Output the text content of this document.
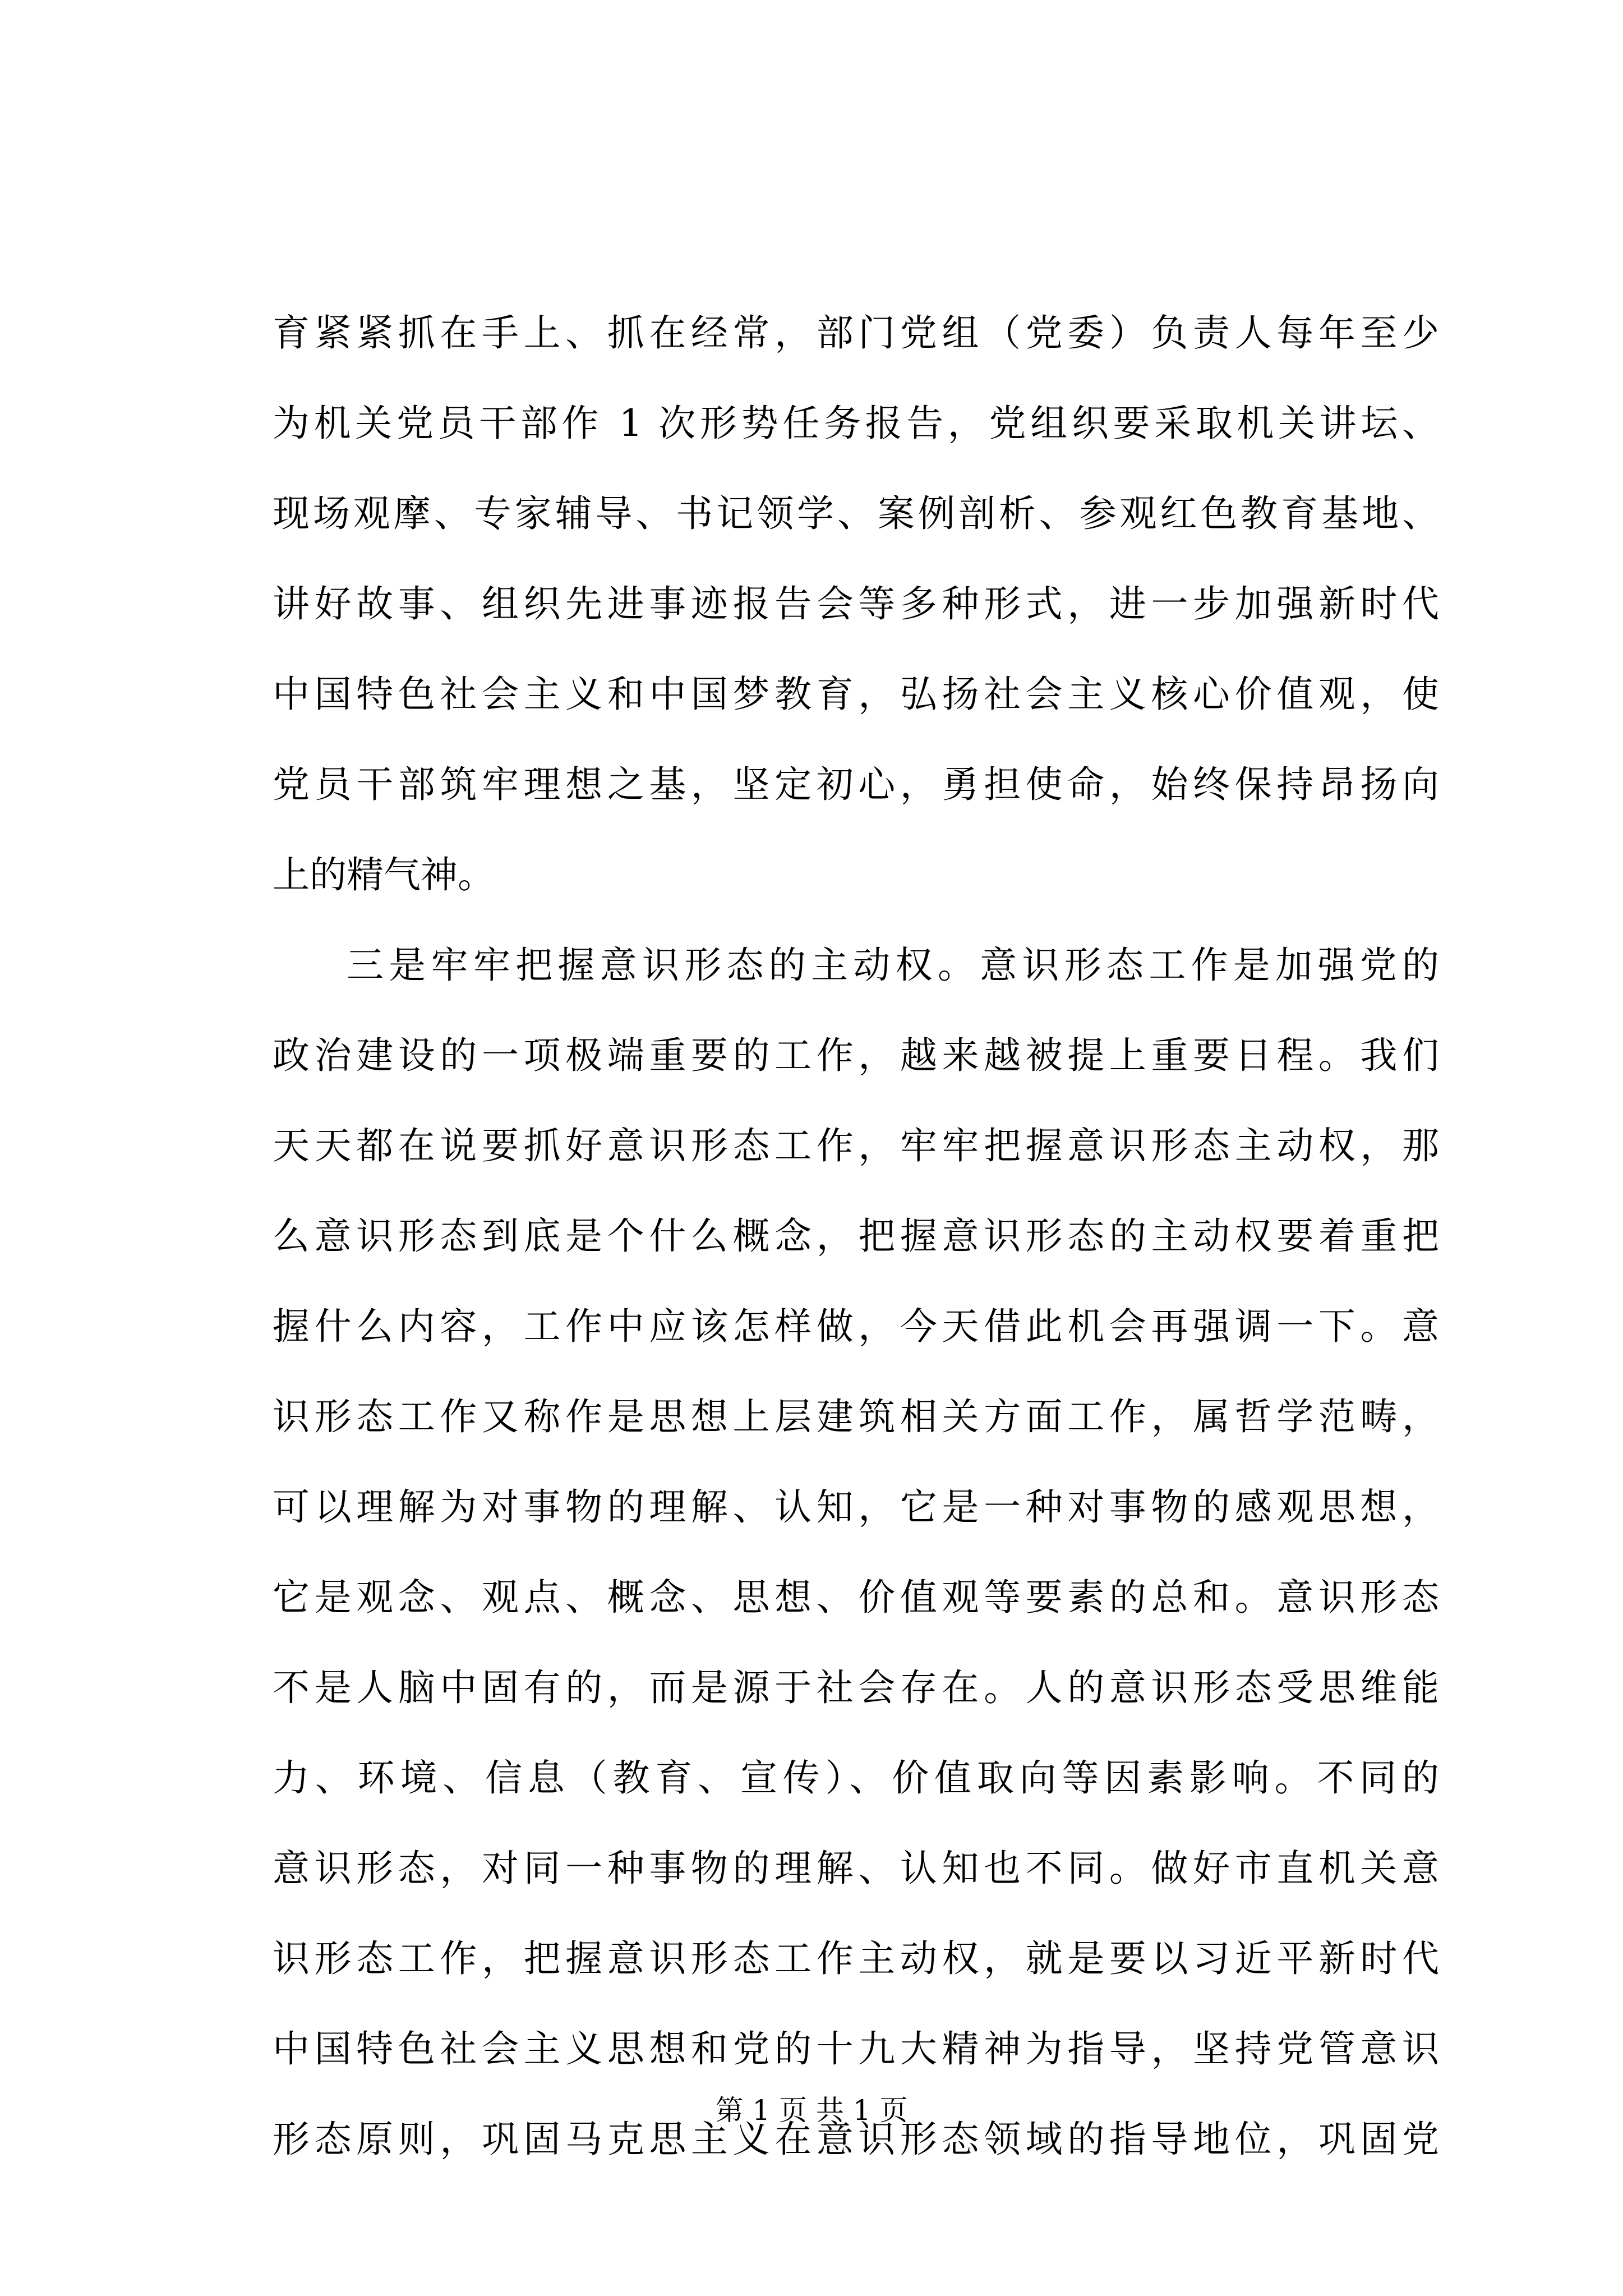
育紧紧抓在手上、抓在经常，部门党组（党委）负责人每年至少
为机关党员干部作 1 次形势任务报告，党组织要采取机关讲坛、
现场观摩、专家辅导、书记领学、案例剖析、参观红色教育基地、
讲好故事、组织先进事迹报告会等多种形式，进一步加强新时代
中国特色社会主义和中国梦教育，弘扬社会主义核心价值观，使
党员干部筑牢理想之基，坚定初心，勇担使命，始终保持昂扬向
上的精气神。
三是牢牢把握意识形态的主动权。意识形态工作是加强党的
政治建设的一项极端重要的工作，越来越被提上重要日程。我们
天天都在说要抓好意识形态工作，牢牢把握意识形态主动权，那
么意识形态到底是个什么概念，把握意识形态的主动权要着重把
握什么内容，工作中应该怎样做，今天借此机会再强调一下。意
识形态工作又称作是思想上层建筑相关方面工作，属哲学范畴，
可以理解为对事物的理解、认知，它是一种对事物的感观思想，
它是观念、观点、概念、思想、价值观等要素的总和。意识形态
不是人脑中固有的，而是源于社会存在。人的意识形态受思维能
力、环境、信息（教育、宣传）、价值取向等因素影响。不同的
意识形态，对同一种事物的理解、认知也不同。做好市直机关意
识形态工作，把握意识形态工作主动权，就是要以习近平新时代
中国特色社会主义思想和党的十九大精神为指导，坚持党管意识
形态原则，巩固马克思主义在意识形态领域的指导地位，巩固党
第 1 页 共 1 页
